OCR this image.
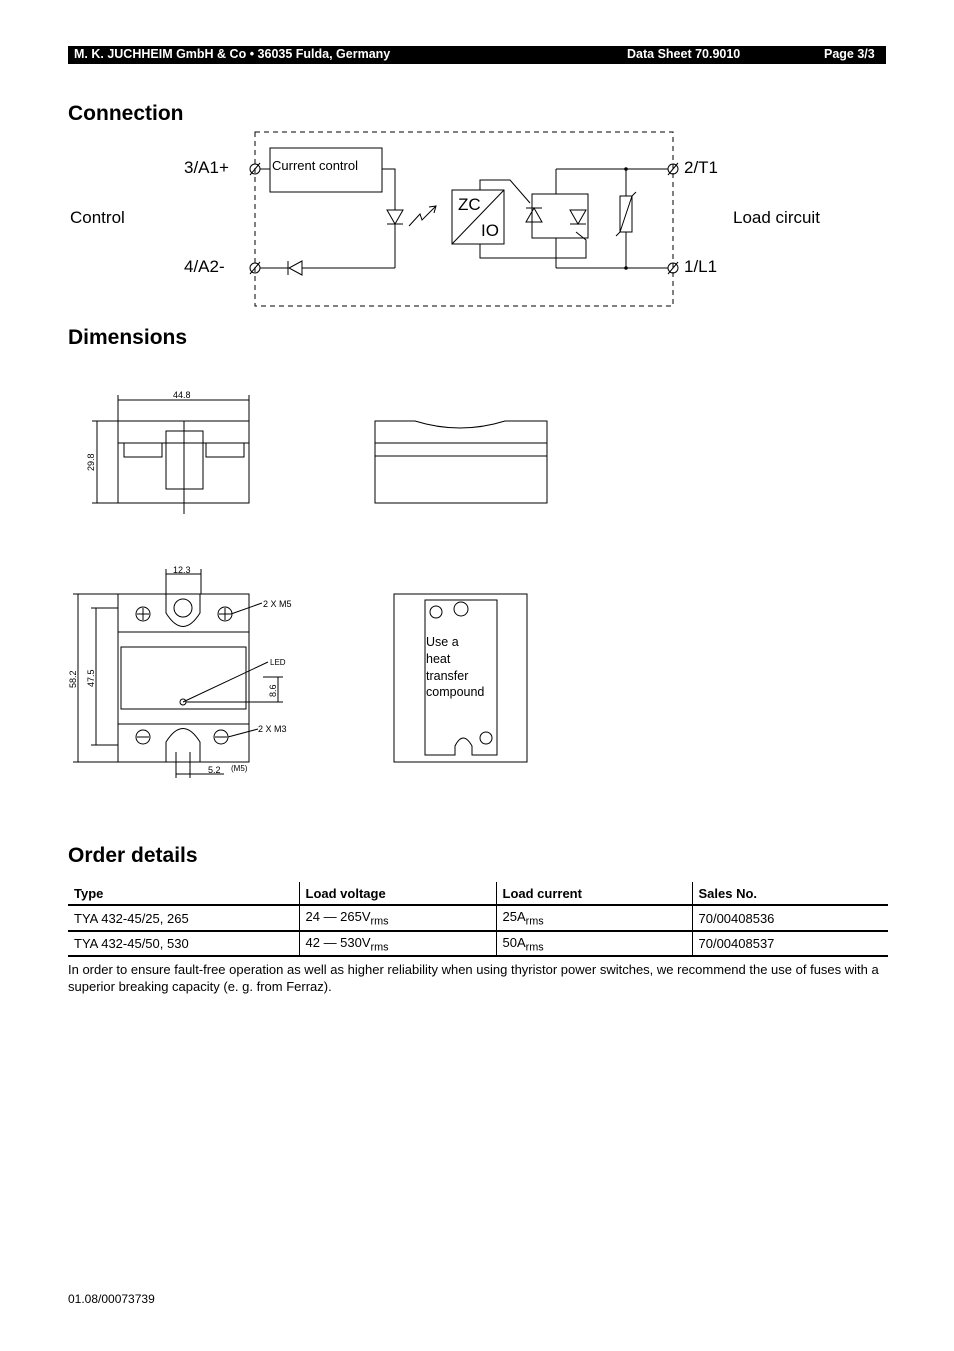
M. K. JUCHHEIM GmbH & Co • 36035 Fulda, Germany	Data Sheet 70.9010	Page 3/3
Connection
Control	Load circuit
3/A1+
4/A2-
2/T1
1/L1
Current control
ZC
IO
Dimensions
44.8
29.8
12.3
58.2 47.5
8.6
5.2 (M5)
2 X M5
2 X M3
LED
Use a
heat
transfer
compound
Order details
Type	Load voltage	Load current	Sales No.
TYA 432-45/25, 265	24 — $265V_{rms}$	$25A_{rms}$	70/00408536
TYA 432-45/50, 530	42 — $530V_{rms}$	$50A_{rms}$	70/00408537
In order to ensure fault-free operation as well as higher reliability when using thyristor power switches, we recommend the use of fuses with a superior breaking capacity (e. g. from Ferraz).
01.08/00073739
